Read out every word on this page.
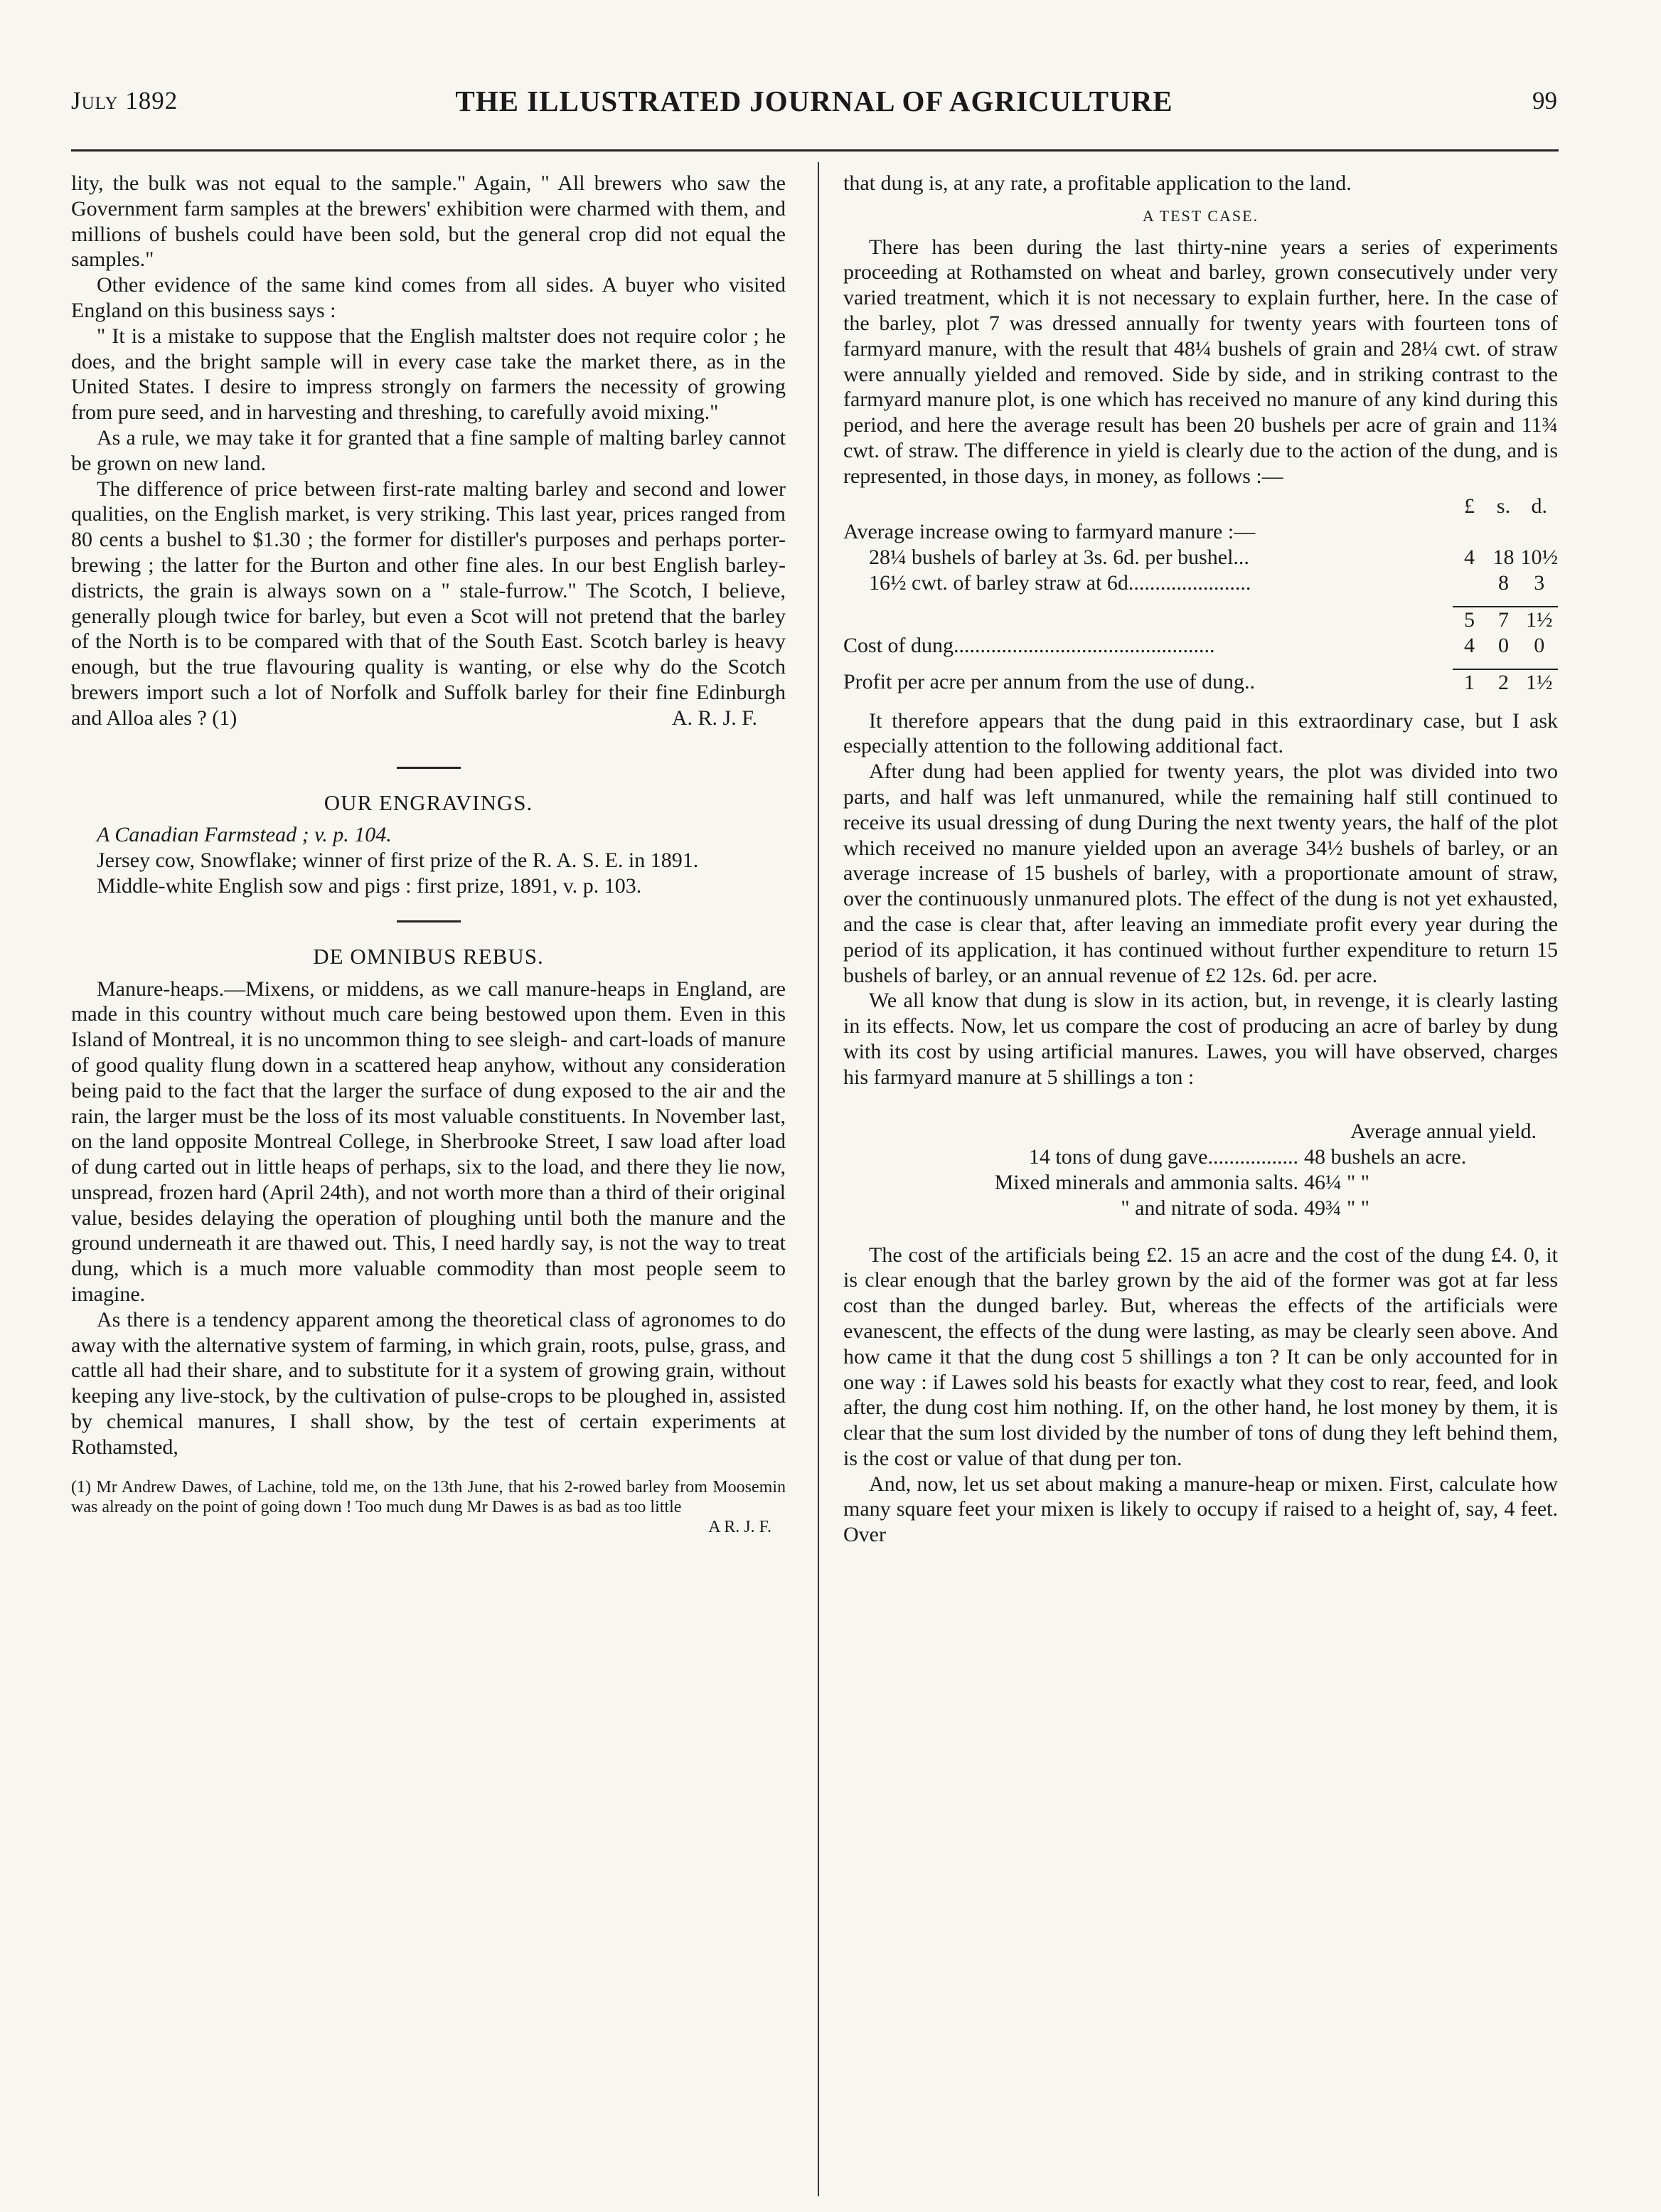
July 1892	THE ILLUSTRATED JOURNAL OF AGRICULTURE	99

lity, the bulk was not equal to the sample." Again, " All brewers who saw the Government farm samples at the brewers' exhibition were charmed with them, and millions of bushels could have been sold, but the general crop did not equal the samples."

Other evidence of the same kind comes from all sides. A buyer who visited England on this business says :

" It is a mistake to suppose that the English maltster does not require color ; he does, and the bright sample will in every case take the market there, as in the United States. I desire to impress strongly on farmers the necessity of growing from pure seed, and in harvesting and threshing, to carefully avoid mixing."

As a rule, we may take it for granted that a fine sample of malting barley cannot be grown on new land.

The difference of price between first-rate malting barley and second and lower qualities, on the English market, is very striking. This last year, prices ranged from 80 cents a bushel to $1.30 ; the former for distiller's purposes and perhaps porter-brewing ; the latter for the Burton and other fine ales. In our best English barley-districts, the grain is always sown on a " stale-furrow." The Scotch, I believe, generally plough twice for barley, but even a Scot will not pretend that the barley of the North is to be compared with that of the South East. Scotch barley is heavy enough, but the true flavouring quality is wanting, or else why do the Scotch brewers import such a lot of Norfolk and Suffolk barley for their fine Edinburgh and Alloa ales ? (1)	A. R. J. F.

OUR ENGRAVINGS.

A Canadian Farmstead ; v. p. 104.

Jersey cow, Snowflake; winner of first prize of the R. A. S. E. in 1891.

Middle-white English sow and pigs : first prize, 1891, v. p. 103.

DE OMNIBUS REBUS.

Manure-heaps.—Mixens, or middens, as we call manure-heaps in England, are made in this country without much care being bestowed upon them. Even in this Island of Montreal, it is no uncommon thing to see sleigh- and cart-loads of manure of good quality flung down in a scattered heap anyhow, without any consideration being paid to the fact that the larger the surface of dung exposed to the air and the rain, the larger must be the loss of its most valuable constituents. In November last, on the land opposite Montreal College, in Sherbrooke Street, I saw load after load of dung carted out in little heaps of perhaps, six to the load, and there they lie now, unspread, frozen hard (April 24th), and not worth more than a third of their original value, besides delaying the operation of ploughing until both the manure and the ground underneath it are thawed out. This, I need hardly say, is not the way to treat dung, which is a much more valuable commodity than most people seem to imagine.

As there is a tendency apparent among the theoretical class of agronomes to do away with the alternative system of farming, in which grain, roots, pulse, grass, and cattle all had their share, and to substitute for it a system of growing grain, without keeping any live-stock, by the cultivation of pulse-crops to be ploughed in, assisted by chemical manures, I shall show, by the test of certain experiments at Rothamsted,

(1) Mr Andrew Dawes, of Lachine, told me, on the 13th June, that his 2-rowed barley from Moosemin was already on the point of going down ! Too much dung Mr Dawes is as bad as too little
A R. J. F.

that dung is, at any rate, a profitable application to the land.

A TEST CASE.

There has been during the last thirty-nine years a series of experiments proceeding at Rothamsted on wheat and barley, grown consecutively under very varied treatment, which it is not necessary to explain further, here. In the case of the barley, plot 7 was dressed annually for twenty years with fourteen tons of farmyard manure, with the result that 48¼ bushels of grain and 28¼ cwt. of straw were annually yielded and removed. Side by side, and in striking contrast to the farmyard manure plot, is one which has received no manure of any kind during this period, and here the average result has been 20 bushels per acre of grain and 11¾ cwt. of straw. The difference in yield is clearly due to the action of the dung, and is represented, in those days, in money, as follows :—

	£	s.	d.
Average increase owing to farmyard manure :—			
28¼ bushels of barley at 3s. 6d. per bushel...	4	18	10½
16½ cwt. of barley straw at 6d.......................		8	3

	5	7	1½
Cost of dung.................................................	4	0	0

Profit per acre per annum from the use of dung..	1	2	1½

It therefore appears that the dung paid in this extraordinary case, but I ask especially attention to the following additional fact.

After dung had been applied for twenty years, the plot was divided into two parts, and half was left unmanured, while the remaining half still continued to receive its usual dressing of dung During the next twenty years, the half of the plot which received no manure yielded upon an average 34½ bushels of barley, or an average increase of 15 bushels of barley, with a proportionate amount of straw, over the continuously unmanured plots. The effect of the dung is not yet exhausted, and the case is clear that, after leaving an immediate profit every year during the period of its application, it has continued without further expenditure to return 15 bushels of barley, or an annual revenue of £2 12s. 6d. per acre.

We all know that dung is slow in its action, but, in revenge, it is clearly lasting in its effects. Now, let us compare the cost of producing an acre of barley by dung with its cost by using artificial manures. Lawes, you will have observed, charges his farmyard manure at 5 shillings a ton :

Average annual yield.
14 tons of dung gave................. 48 bushels an acre.
Mixed minerals and ammonia salts. 46¼ " "
" and nitrate of soda. 49¾ " "

The cost of the artificials being £2. 15 an acre and the cost of the dung £4. 0, it is clear enough that the barley grown by the aid of the former was got at far less cost than the dunged barley. But, whereas the effects of the artificials were evanescent, the effects of the dung were lasting, as may be clearly seen above. And how came it that the dung cost 5 shillings a ton ? It can be only accounted for in one way : if Lawes sold his beasts for exactly what they cost to rear, feed, and look after, the dung cost him nothing. If, on the other hand, he lost money by them, it is clear that the sum lost divided by the number of tons of dung they left behind them, is the cost or value of that dung per ton.

And, now, let us set about making a manure-heap or mixen. First, calculate how many square feet your mixen is likely to occupy if raised to a height of, say, 4 feet. Over
